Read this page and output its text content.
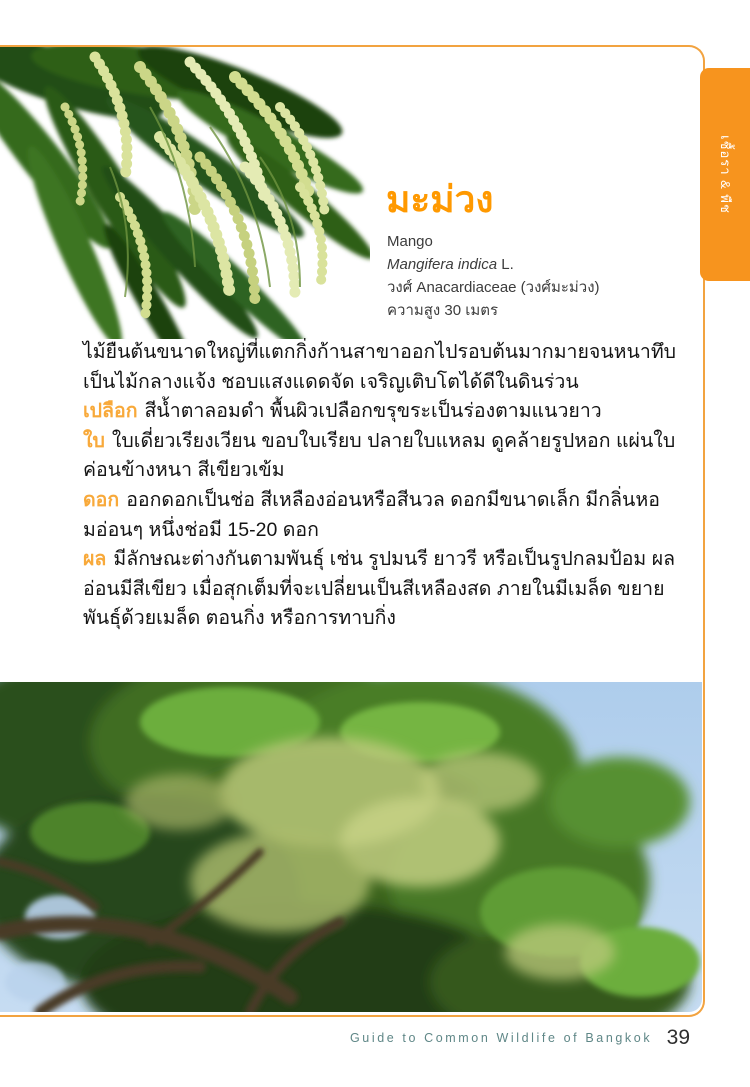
เชื้อรา & พืช
มะม่วง
Mango
Mangifera indica L.
วงศ์ Anacardiaceae (วงศ์มะม่วง)
ความสูง 30 เมตร

ไม้ยืนต้นขนาดใหญ่ที่แตกกิ่งก้านสาขาออกไปรอบต้นมากมายจนหนาทึบ เป็นไม้กลางแจ้ง ชอบแสงแดดจัด เจริญเติบโตได้ดีในดินร่วน

เปลือก สีน้ำตาลอมดำ พื้นผิวเปลือกขรุขระเป็นร่องตามแนวยาว

ใบ ใบเดี่ยวเรียงเวียน ขอบใบเรียบ ปลายใบแหลม ดูคล้ายรูปหอก แผ่นใบค่อนข้างหนา สีเขียวเข้ม

ดอก ออกดอกเป็นช่อ สีเหลืองอ่อนหรือสีนวล ดอกมีขนาดเล็ก มีกลิ่นหอมอ่อนๆ หนึ่งช่อมี 15-20 ดอก

ผล มีลักษณะต่างกันตามพันธุ์ เช่น รูปมนรี ยาวรี หรือเป็นรูปกลมป้อม ผลอ่อนมีสีเขียว เมื่อสุกเต็มที่จะเปลี่ยนเป็นสีเหลืองสด ภายในมีเมล็ด ขยายพันธุ์ด้วยเมล็ด ตอนกิ่ง หรือการทาบกิ่ง

Guide to Common Wildlife of Bangkok 39
